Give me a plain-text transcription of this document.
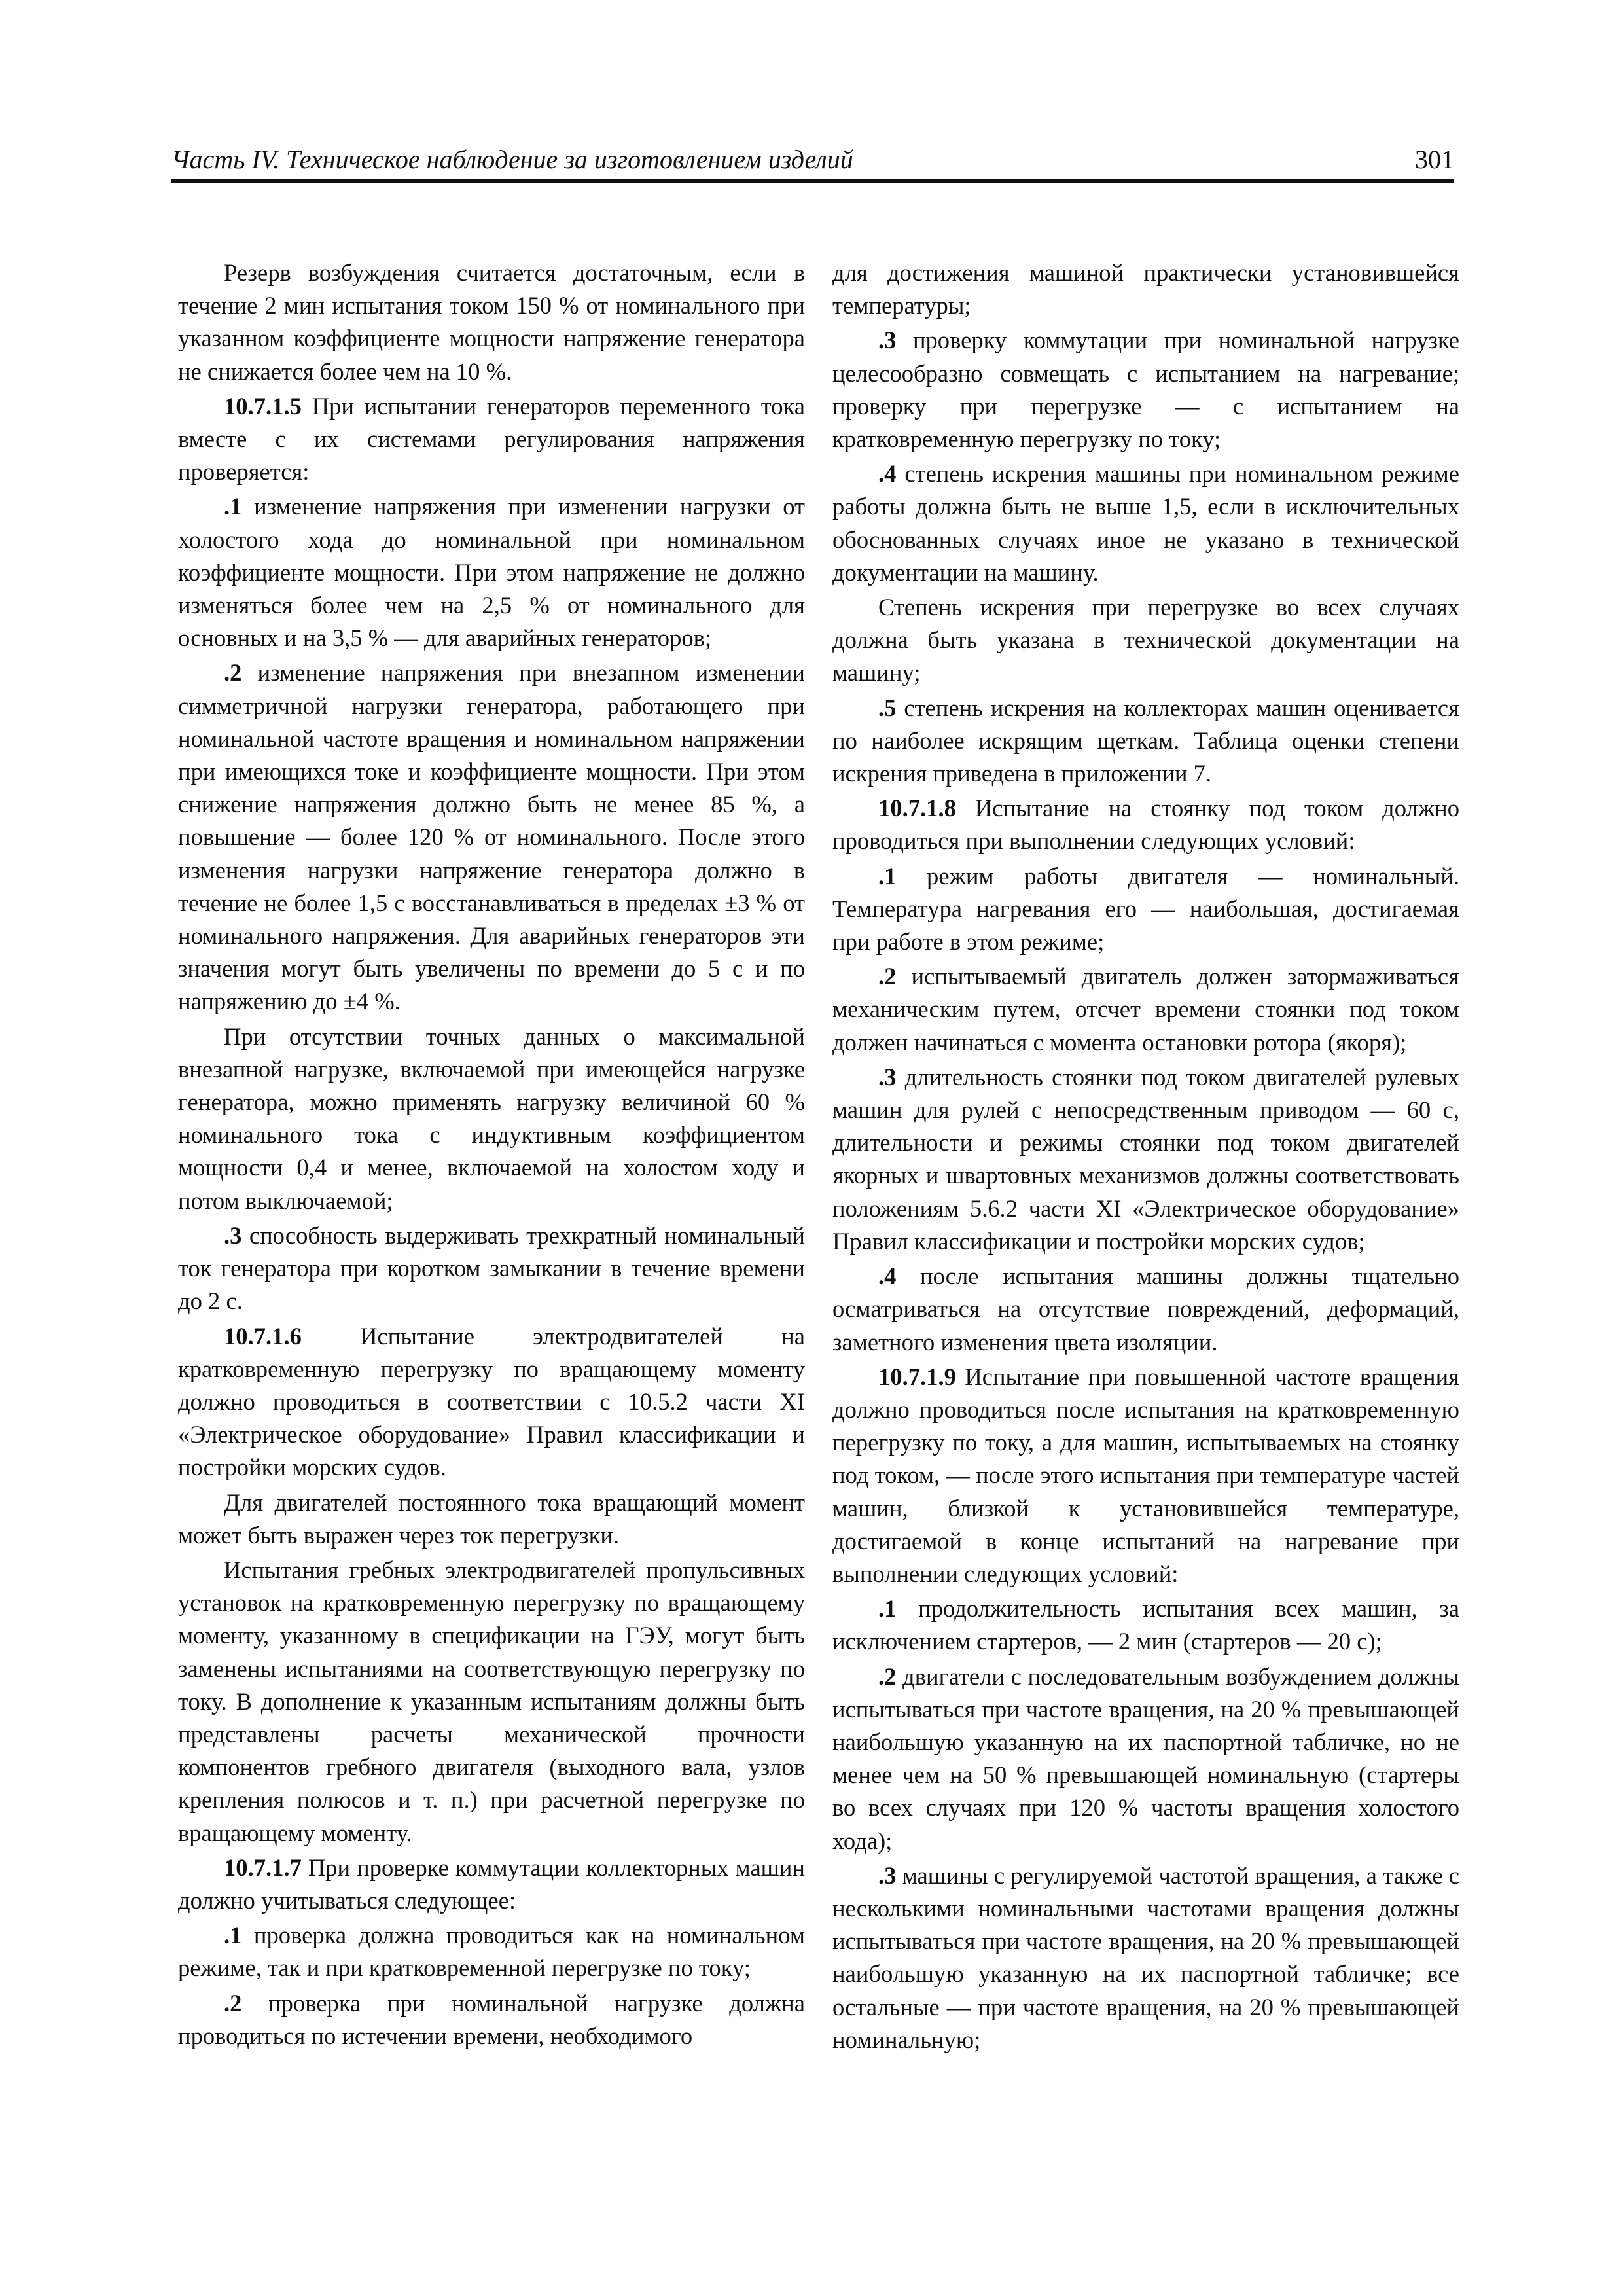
Часть IV. Техническое наблюдение за изготовлением изделий	301

Резерв возбуждения считается достаточным, если в течение 2 мин испытания током 150 % от номинального при указанном коэффициенте мощности напряжение генератора не снижается более чем на 10 %.

10.7.1.5 При испытании генераторов переменного тока вместе с их системами регулирования напряжения проверяется:

.1 изменение напряжения при изменении нагрузки от холостого хода до номинальной при номинальном коэффициенте мощности. При этом напряжение не должно изменяться более чем на 2,5 % от номинального для основных и на 3,5 % — для аварийных генераторов;

.2 изменение напряжения при внезапном изменении симметричной нагрузки генератора, работающего при номинальной частоте вращения и номинальном напряжении при имеющихся токе и коэффициенте мощности. При этом снижение напряжения должно быть не менее 85 %, а повышение — более 120 % от номинального. После этого изменения нагрузки напряжение генератора должно в течение не более 1,5 с восстанавливаться в пределах ±3 % от номинального напряжения. Для аварийных генераторов эти значения могут быть увеличены по времени до 5 с и по напряжению до ±4 %.

При отсутствии точных данных о максимальной внезапной нагрузке, включаемой при имеющейся нагрузке генератора, можно применять нагрузку величиной 60 % номинального тока с индуктивным коэффициентом мощности 0,4 и менее, включаемой на холостом ходу и потом выключаемой;

.3 способность выдерживать трехкратный номинальный ток генератора при коротком замыкании в течение времени до 2 с.

10.7.1.6 Испытание электродвигателей на кратковременную перегрузку по вращающему моменту должно проводиться в соответствии с 10.5.2 части XI «Электрическое оборудование» Правил классификации и постройки морских судов.

Для двигателей постоянного тока вращающий момент может быть выражен через ток перегрузки.

Испытания гребных электродвигателей пропульсивных установок на кратковременную перегрузку по вращающему моменту, указанному в спецификации на ГЭУ, могут быть заменены испытаниями на соответствующую перегрузку по току. В дополнение к указанным испытаниям должны быть представлены расчеты механической прочности компонентов гребного двигателя (выходного вала, узлов крепления полюсов и т. п.) при расчетной перегрузке по вращающему моменту.

10.7.1.7 При проверке коммутации коллекторных машин должно учитываться следующее:

.1 проверка должна проводиться как на номинальном режиме, так и при кратковременной перегрузке по току;

.2 проверка при номинальной нагрузке должна проводиться по истечении времени, необходимого

для достижения машиной практически установившейся температуры;

.3 проверку коммутации при номинальной нагрузке целесообразно совмещать с испытанием на нагревание; проверку при перегрузке — с испытанием на кратковременную перегрузку по току;

.4 степень искрения машины при номинальном режиме работы должна быть не выше 1,5, если в исключительных обоснованных случаях иное не указано в технической документации на машину.

Степень искрения при перегрузке во всех случаях должна быть указана в технической документации на машину;

.5 степень искрения на коллекторах машин оценивается по наиболее искрящим щеткам. Таблица оценки степени искрения приведена в приложении 7.

10.7.1.8 Испытание на стоянку под током должно проводиться при выполнении следующих условий:

.1 режим работы двигателя — номинальный. Температура нагревания его — наибольшая, достигаемая при работе в этом режиме;

.2 испытываемый двигатель должен затормаживаться механическим путем, отсчет времени стоянки под током должен начинаться с момента остановки ротора (якоря);

.3 длительность стоянки под током двигателей рулевых машин для рулей с непосредственным приводом — 60 с, длительности и режимы стоянки под током двигателей якорных и швартовных механизмов должны соответствовать положениям 5.6.2 части XI «Электрическое оборудование» Правил классификации и постройки морских судов;

.4 после испытания машины должны тщательно осматриваться на отсутствие повреждений, деформаций, заметного изменения цвета изоляции.

10.7.1.9 Испытание при повышенной частоте вращения должно проводиться после испытания на кратковременную перегрузку по току, а для машин, испытываемых на стоянку под током, — после этого испытания при температуре частей машин, близкой к установившейся температуре, достигаемой в конце испытаний на нагревание при выполнении следующих условий:

.1 продолжительность испытания всех машин, за исключением стартеров, — 2 мин (стартеров — 20 с);

.2 двигатели с последовательным возбуждением должны испытываться при частоте вращения, на 20 % превышающей наибольшую указанную на их паспортной табличке, но не менее чем на 50 % превышающей номинальную (стартеры во всех случаях при 120 % частоты вращения холостого хода);

.3 машины с регулируемой частотой вращения, а также с несколькими номинальными частотами вращения должны испытываться при частоте вращения, на 20 % превышающей наибольшую указанную на их паспортной табличке; все остальные — при частоте вращения, на 20 % превышающей номинальную;
